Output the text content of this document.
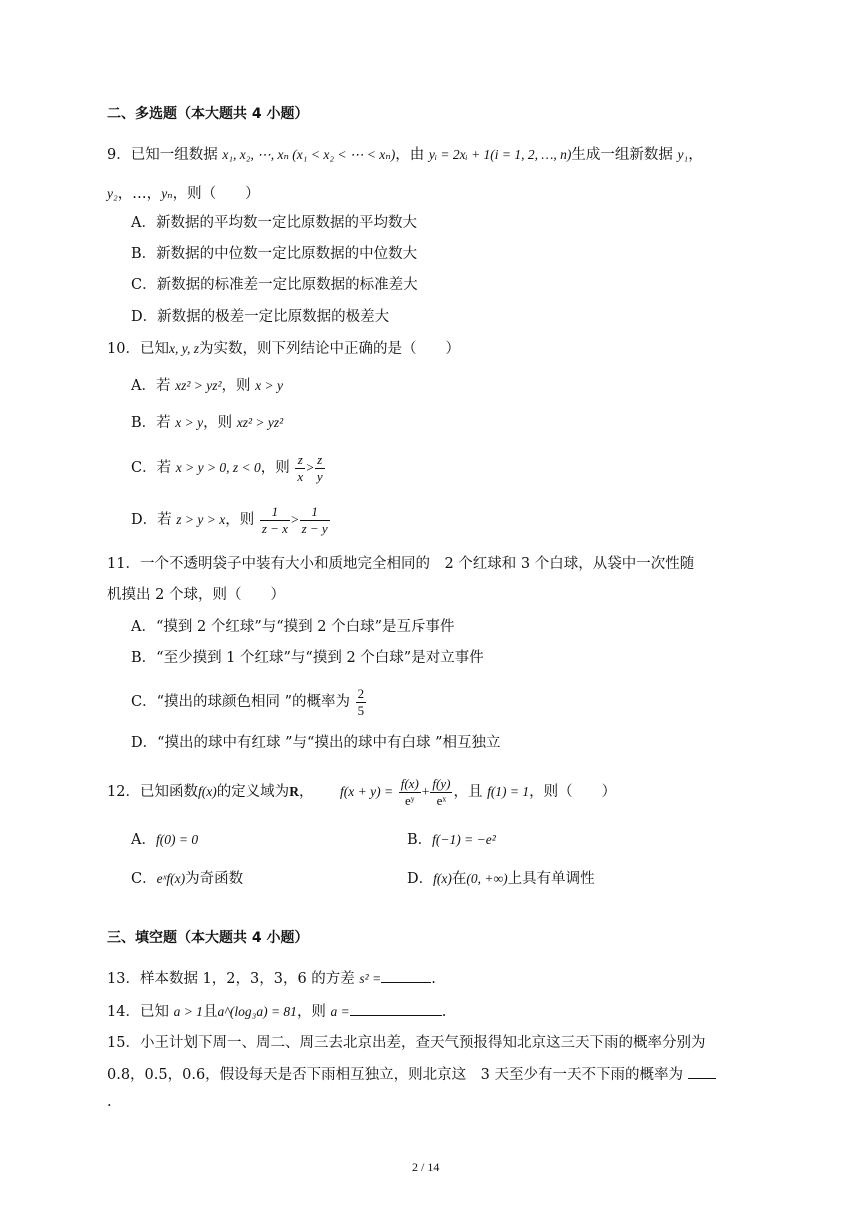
二、多选题（本大题共 4 小题）
9．已知一组数据 x₁, x₂, ⋯, xₙ (x₁ < x₂ < ⋯ < xₙ)，由 yᵢ = 2xᵢ + 1(i = 1, 2, …, n)生成一组新数据 y₁，
y₂，…，yₙ，则（　　）
A．新数据的平均数一定比原数据的平均数大
B．新数据的中位数一定比原数据的中位数大
C．新数据的标准差一定比原数据的标准差大
D．新数据的极差一定比原数据的极差大
10．已知x, y, z为实数，则下列结论中正确的是（　　）
A．若 xz² > yz²，则 x > y
B．若 x > y，则 xz² > yz²
C．若 x > y > 0, z < 0，则 $\frac{z}{x} > \frac{z}{y}$
D．若 z > y > x，则 $\frac{1}{z - x} > \frac{1}{z - y}$
11．一个不透明袋子中装有大小和质地完全相同的　2 个红球和 3 个白球，从袋中一次性随
机摸出 2 个球，则（　　）
A．“摸到 2 个红球”与“摸到 2 个白球”是互斥事件
B．“至少摸到 1 个红球”与“摸到 2 个白球”是对立事件
C．“摸出的球颜色相同 ”的概率为 $\frac{2}{5}$
D．“摸出的球中有红球 ”与“摸出的球中有白球 ”相互独立
12．已知函数f(x)的定义域为R， $f(x + y) = \frac{f(x)}{\text{eʸ}} + \frac{f(y)}{\text{eˣ}}$ ，且 f(1) = 1，则（　　）
A．f(0) = 0	B．f(−1) = −e²
C．eˣf(x)为奇函数	D．f(x)在(0, +∞)上具有单调性
三、填空题（本大题共 4 小题）
13．样本数据 1，2，3，3，6 的方差 s² =	.
14．已知 a > 1且a^(log₃a) = 81，则 a =	.
15．小王计划下周一、周二、周三去北京出差，查天气预报得知北京这三天下雨的概率分别为
0.8，0.5，0.6，假设每天是否下雨相互独立，则北京这　3 天至少有一天不下雨的概率为
.
2 / 14
